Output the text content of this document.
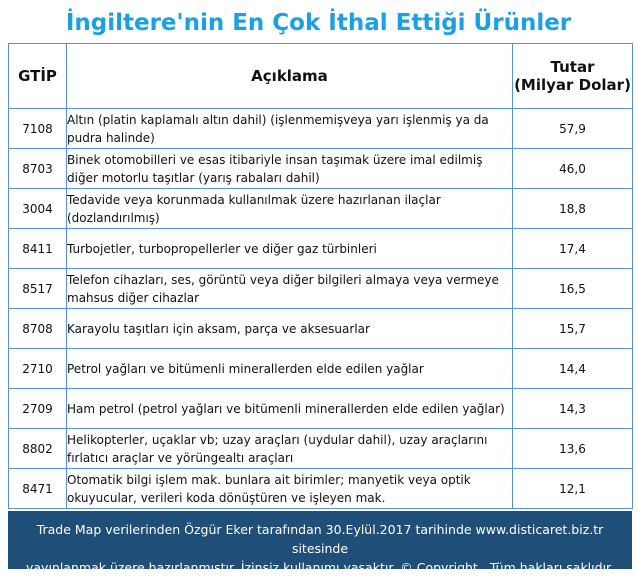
İngiltere'nin En Çok İthal Ettiği Ürünler
GTİP	Açıklama	Tutar
(Milyar Dolar)

7108	Altın (platin kaplamalı altın dahil) (işlenmemişveya yarı işlenmiş ya da pudra halinde)	57,9
8703	Binek otomobilleri ve esas itibariyle insan taşımak üzere imal edilmiş diğer motorlu taşıtlar (yarış rabaları dahil)	46,0
3004	Tedavide veya korunmada kullanılmak üzere hazırlanan ilaçlar (dozlandırılmış)	18,8
8411	Turbojetler, turbopropellerler ve diğer gaz türbinleri	17,4
8517	Telefon cihazları, ses, görüntü veya diğer bilgileri almaya veya vermeye mahsus diğer cihazlar	16,5
8708	Karayolu taşıtları için aksam, parça ve aksesuarlar	15,7
2710	Petrol yağları ve bitümenli minerallerden elde edilen yağlar	14,4
2709	Ham petrol (petrol yağları ve bitümenli minerallerden elde edilen yağlar)	14,3
8802	Helikopterler, uçaklar vb; uzay araçları (uydular dahil), uzay araçlarını fırlatıcı araçlar ve yörüngealtı araçları	13,6
8471	Otomatik bilgi işlem mak. bunlara ait birimler; manyetik veya optik okuyucular, verileri koda dönüştüren ve işleyen mak.	12,1
Trade Map verilerinden Özgür Eker tarafından 30.Eylül.2017 tarihinde www.disticaret.biz.tr sitesinde
yayınlanmak üzere hazırlanmıştır. İzinsiz kullanımı yasaktır. © Copyright . Tüm hakları saklıdır.
